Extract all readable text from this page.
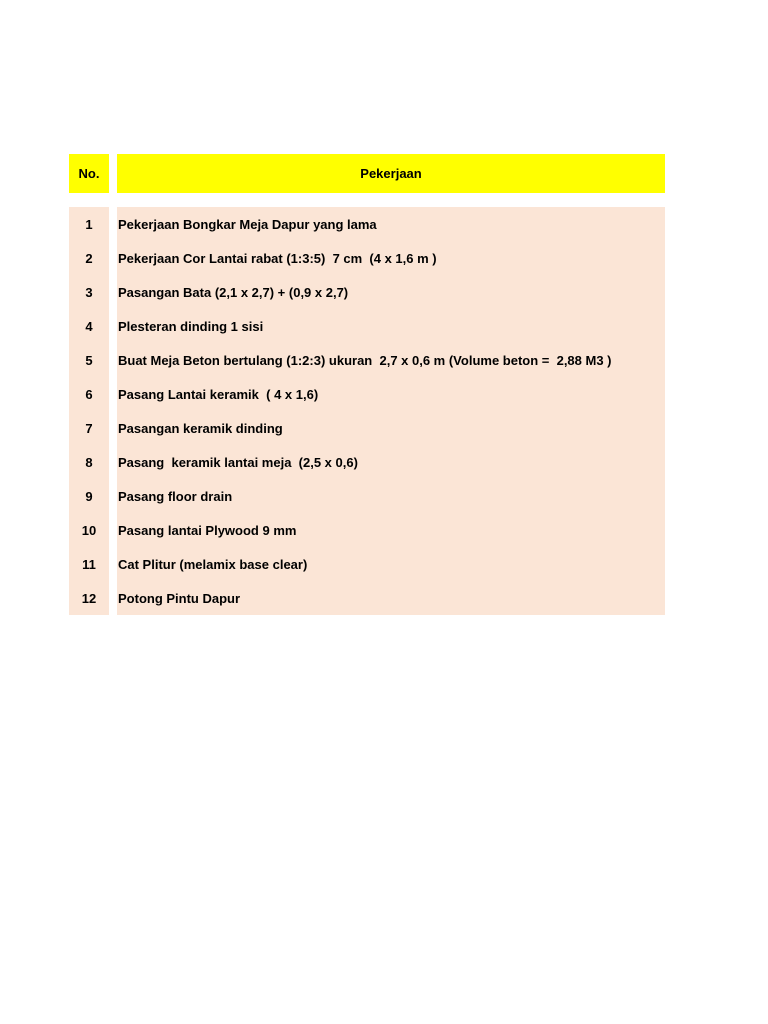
No.	Pekerjaan
1	Pekerjaan Bongkar Meja Dapur yang lama
2	Pekerjaan Cor Lantai rabat (1:3:5)  7 cm  (4 x 1,6 m )
3	Pasangan Bata (2,1 x 2,7) + (0,9 x 2,7)
4	Plesteran dinding 1 sisi
5	Buat Meja Beton bertulang (1:2:3) ukuran  2,7 x 0,6 m (Volume beton =  2,88 M3 )
6	Pasang Lantai keramik  ( 4 x 1,6)
7	Pasangan keramik dinding
8	Pasang  keramik lantai meja  (2,5 x 0,6)
9	Pasang floor drain
10	Pasang lantai Plywood 9 mm
11	Cat Plitur (melamix base clear)
12	Potong Pintu Dapur
